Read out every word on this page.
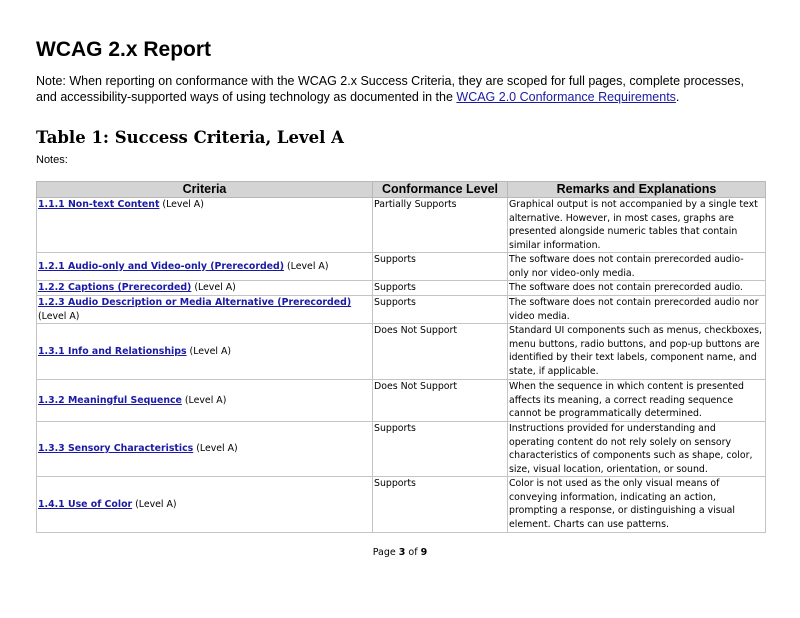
WCAG 2.x Report
Note: When reporting on conformance with the WCAG 2.x Success Criteria, they are scoped for full pages, complete processes, and accessibility-supported ways of using technology as documented in the WCAG 2.0 Conformance Requirements.
Table 1: Success Criteria, Level A
Notes:
Criteria	Conformance Level	Remarks and Explanations
1.1.1 Non-text Content (Level A)	Partially Supports	Graphical output is not accompanied by a single text alternative. However, in most cases, graphs are presented alongside numeric tables that contain similar information.
1.2.1 Audio-only and Video-only (Prerecorded) (Level A)	Supports	The software does not contain prerecorded audio-only nor video-only media.
1.2.2 Captions (Prerecorded) (Level A)	Supports	The software does not contain prerecorded audio.
1.2.3 Audio Description or Media Alternative (Prerecorded) (Level A)	Supports	The software does not contain prerecorded audio nor video media.
1.3.1 Info and Relationships (Level A)	Does Not Support	Standard UI components such as menus, checkboxes, menu buttons, radio buttons, and pop-up buttons are identified by their text labels, component name, and state, if applicable.
1.3.2 Meaningful Sequence (Level A)	Does Not Support	When the sequence in which content is presented affects its meaning, a correct reading sequence cannot be programmatically determined.
1.3.3 Sensory Characteristics (Level A)	Supports	Instructions provided for understanding and operating content do not rely solely on sensory characteristics of components such as shape, color, size, visual location, orientation, or sound.
1.4.1 Use of Color (Level A)	Supports	Color is not used as the only visual means of conveying information, indicating an action, prompting a response, or distinguishing a visual element. Charts can use patterns.
Page 3 of 9
